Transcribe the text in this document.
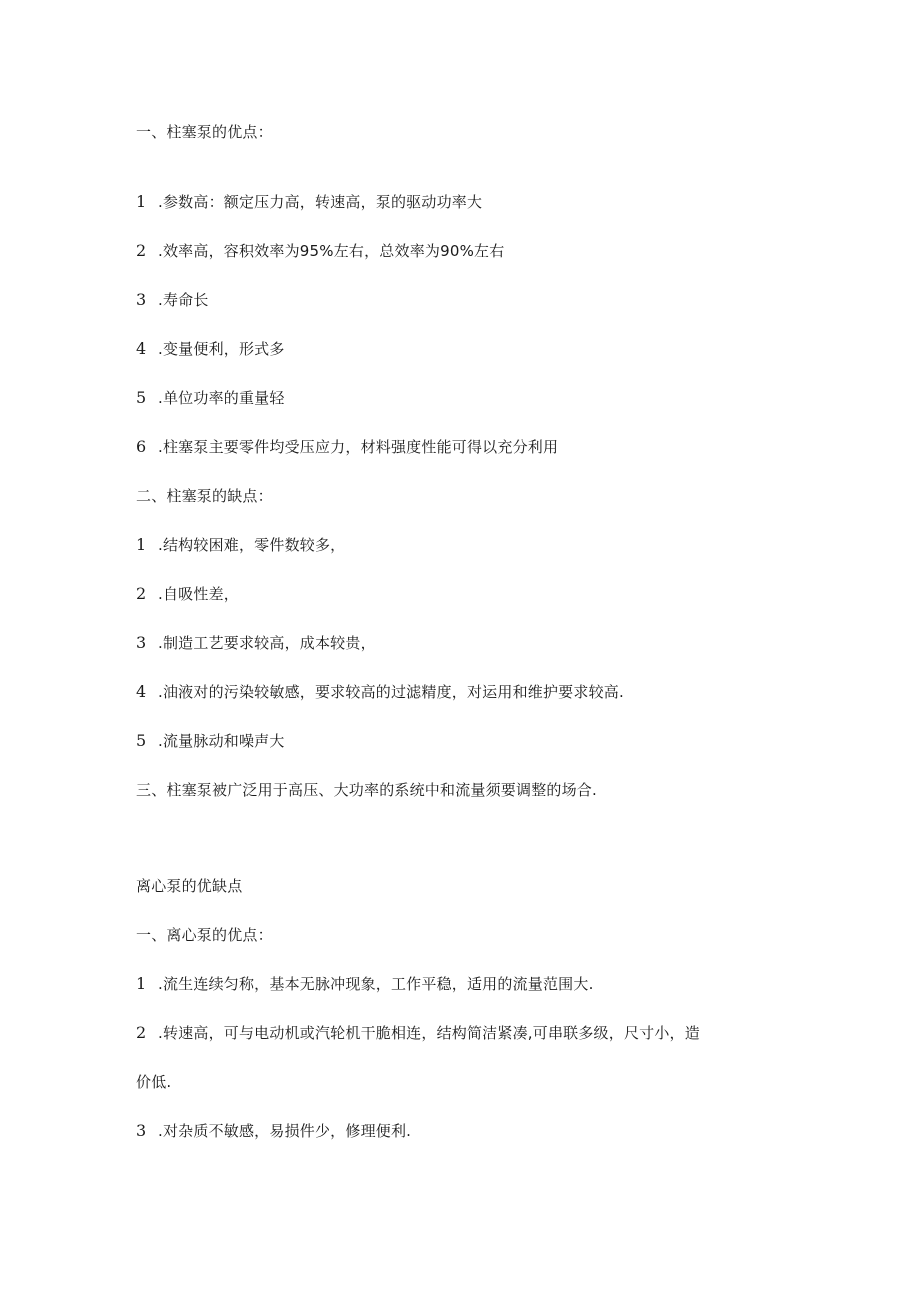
一、柱塞泵的优点：
1 .参数高：额定压力高，转速高，泵的驱动功率大
2 .效率高，容积效率为95%左右，总效率为90%左右
3 .寿命长
4 .变量便利，形式多
5 .单位功率的重量轻
6 .柱塞泵主要零件均受压应力，材料强度性能可得以充分利用
二、柱塞泵的缺点：
1 .结构较困难，零件数较多，
2 .自吸性差，
3 .制造工艺要求较高，成本较贵，
4 .油液对的污染较敏感，要求较高的过滤精度，对运用和维护要求较高.
5 .流量脉动和噪声大
三、柱塞泵被广泛用于高压、大功率的系统中和流量须要调整的场合.
离心泵的优缺点
一、离心泵的优点：
1 .流生连续匀称，基本无脉冲现象，工作平稳，适用的流量范围大.
2 .转速高，可与电动机或汽轮机干脆相连，结构简洁紧凑,可串联多级，尺寸小，造
价低.
3 .对杂质不敏感，易损件少，修理便利.
